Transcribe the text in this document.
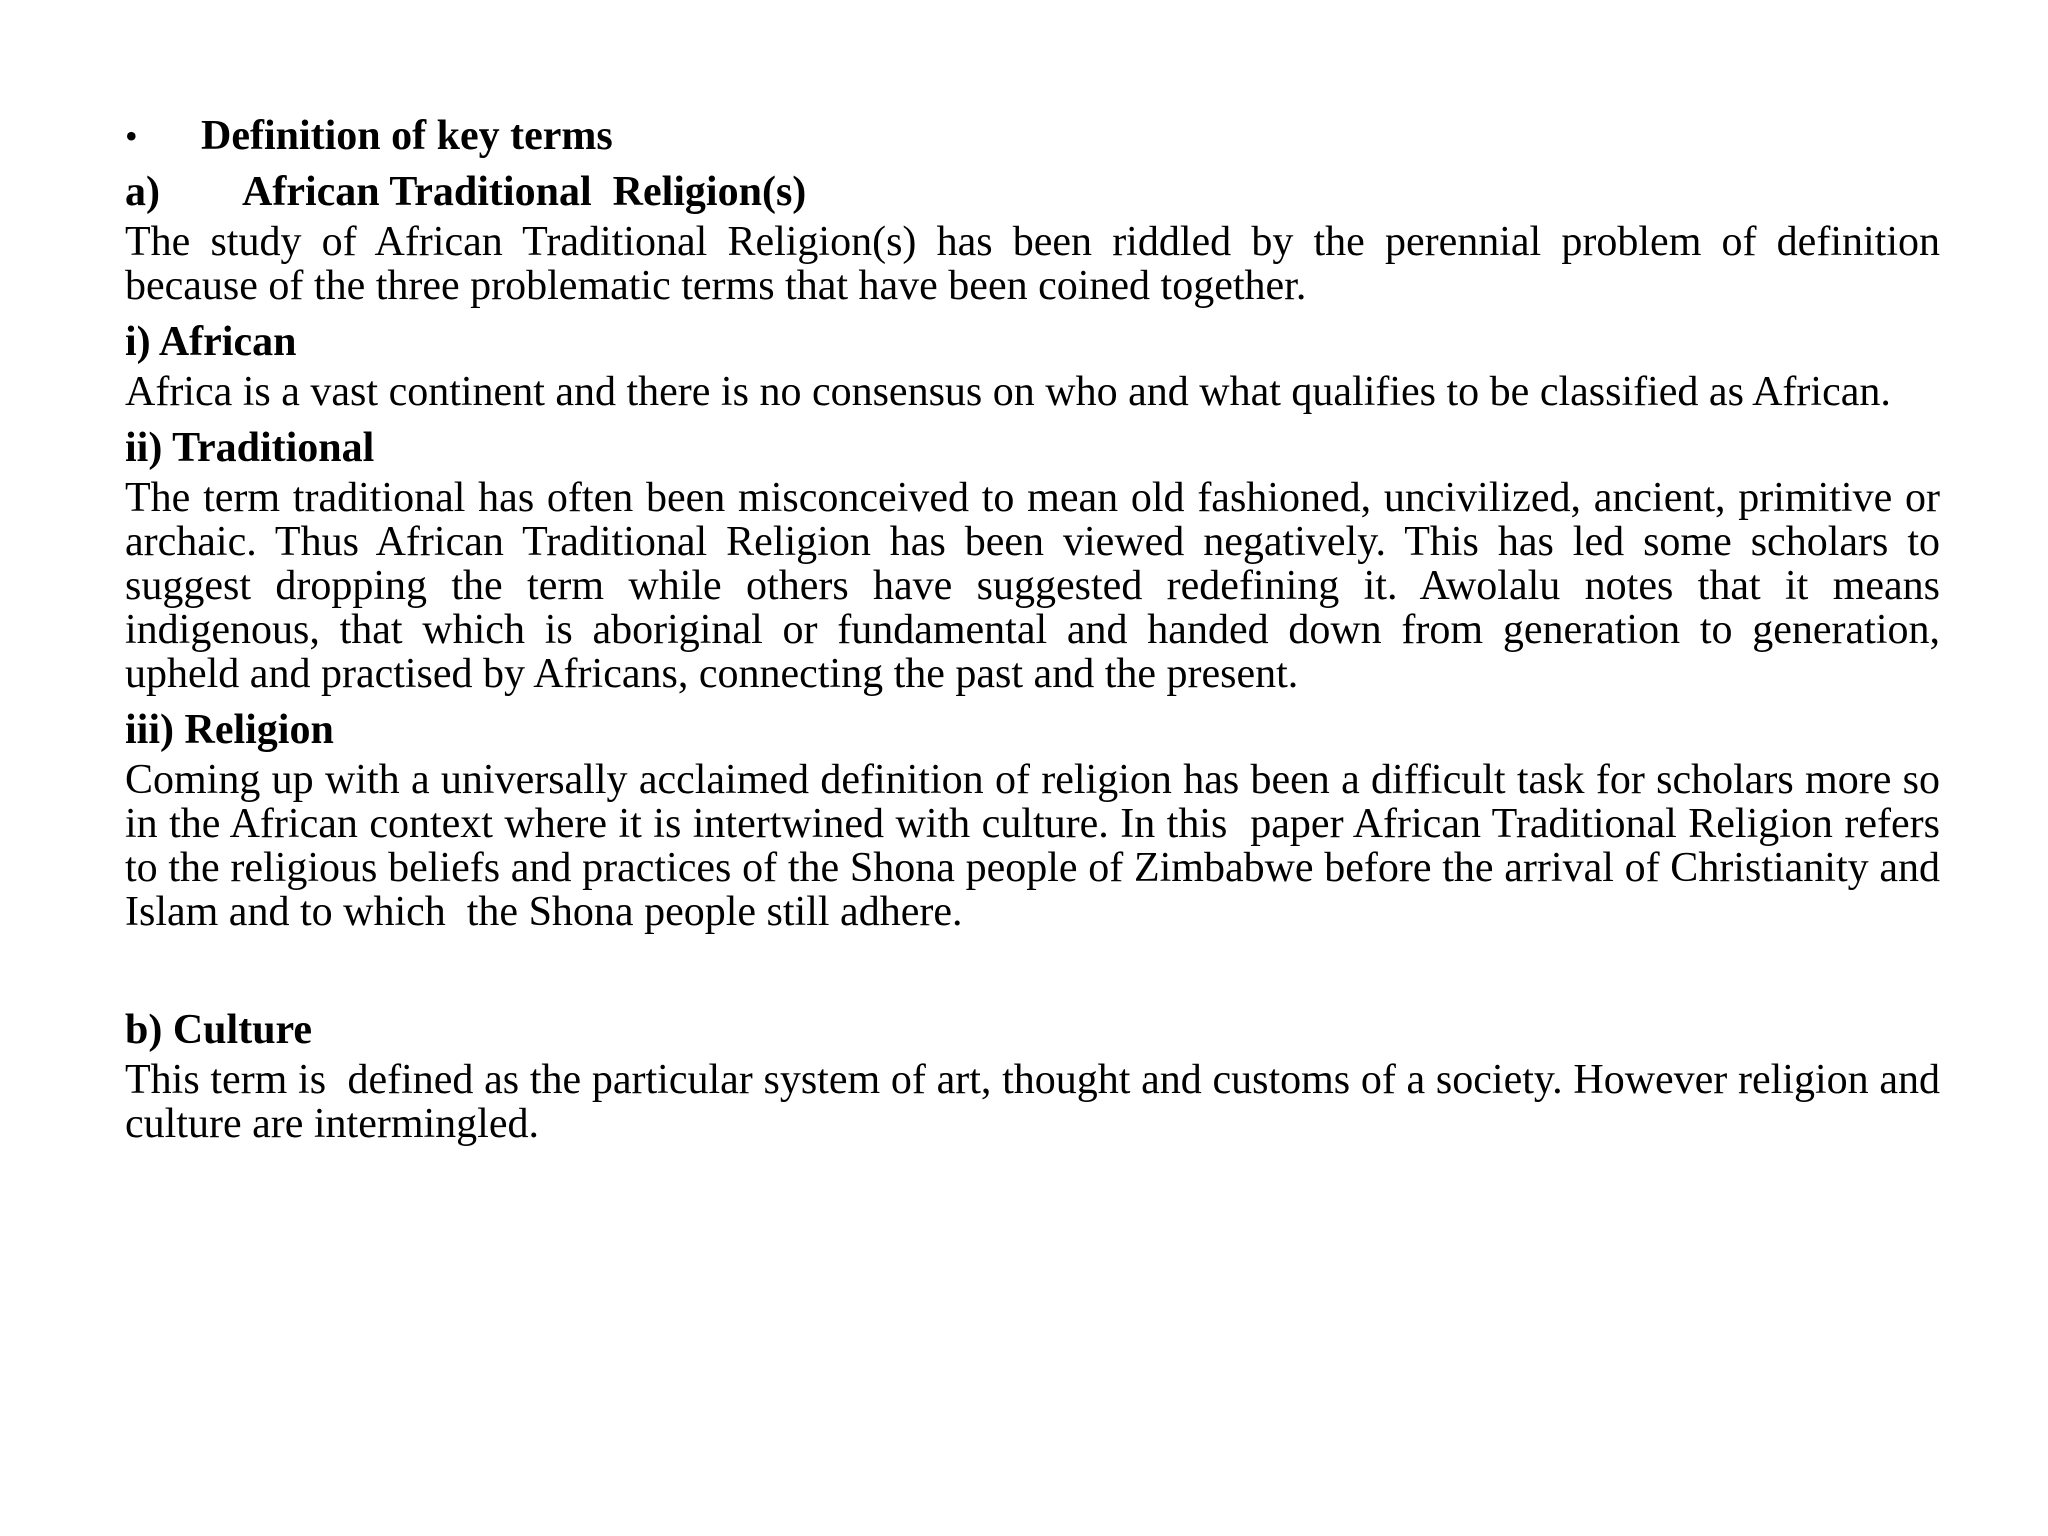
•	Definition of key terms
a)	African Traditional  Religion(s)

The study of African Traditional Religion(s) has been riddled by the perennial problem of definition because of the three problematic terms that have been coined together.

i) African

Africa is a vast continent and there is no consensus on who and what qualifies to be classified as African.

ii) Traditional

The term traditional has often been misconceived to mean old fashioned, uncivilized, ancient, primitive or archaic. Thus African Traditional Religion has been viewed negatively. This has led some scholars to suggest dropping the term while others have suggested redefining it. Awolalu notes that it means indigenous, that which is aboriginal or fundamental and handed down from generation to generation, upheld and practised by Africans, connecting the past and the present.

iii) Religion

Coming up with a universally acclaimed definition of religion has been a difficult task for scholars more so in the African context where it is intertwined with culture. In this  paper African Traditional Religion refers to the religious beliefs and practices of the Shona people of Zimbabwe before the arrival of Christianity and Islam and to which  the Shona people still adhere.

b) Culture

This term is  defined as the particular system of art, thought and customs of a society. However religion and culture are intermingled.
